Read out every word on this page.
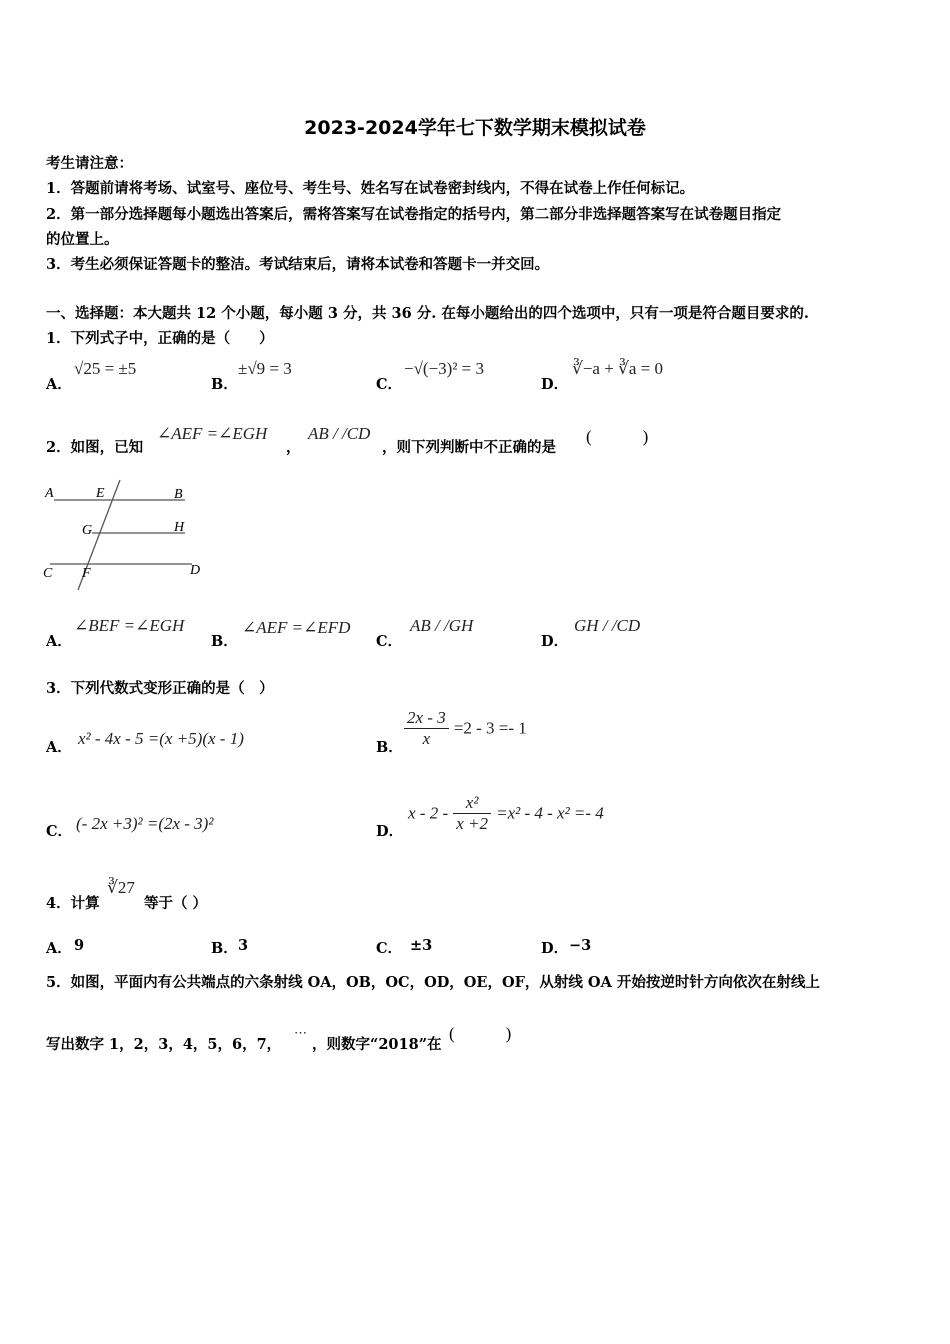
2023-2024学年七下数学期末模拟试卷
考生请注意：
1．答题前请将考场、试室号、座位号、考生号、姓名写在试卷密封线内，不得在试卷上作任何标记。
2．第一部分选择题每小题选出答案后，需将答案写在试卷指定的括号内，第二部分非选择题答案写在试卷题目指定
的位置上。
3．考生必须保证答题卡的整洁。考试结束后，请将本试卷和答题卡一并交回。
一、选择题：本大题共 12 个小题，每小题 3 分，共 36 分. 在每小题给出的四个选项中，只有一项是符合题目要求的.
1．下列式子中，正确的是（　　）
A．
√25 = ±5
B．
±√9 = 3
C．
−√(−3)² = 3
D．
∛−a + ∛a = 0
2．如图，已知
∠AEF =∠EGH
，
AB / /CD
，则下列判断中不正确的是
(　　　)
A	E	B
G	H
C F	D
A．
∠BEF =∠EGH
B．
∠AEF =∠EFD
C．
AB / /GH
D．
GH / /CD
3．下列代数式变形正确的是（　）
A． x² - 4x - 5 =(x +5)(x - 1)	B． $\frac{2x - 3}{x} =2 - 3 =- 1$
C． (- 2x +3)² =(2x - 3)²	D．
$x - 2 - \frac{\text{x²}}{x +2} =x^2 - 4 - x^2 =- 4$
4．计算
∛27
等于（ ）
A． 9	B． 3	C． ±3	D． −3
5．如图，平面内有公共端点的六条射线 OA，OB，OC，OD，OE，OF，从射线 OA 开始按逆时针方向依次在射线上
写出数字 1，2，3，4，5，6，7，
⋯
，则数字“2018”在
(　　　)
